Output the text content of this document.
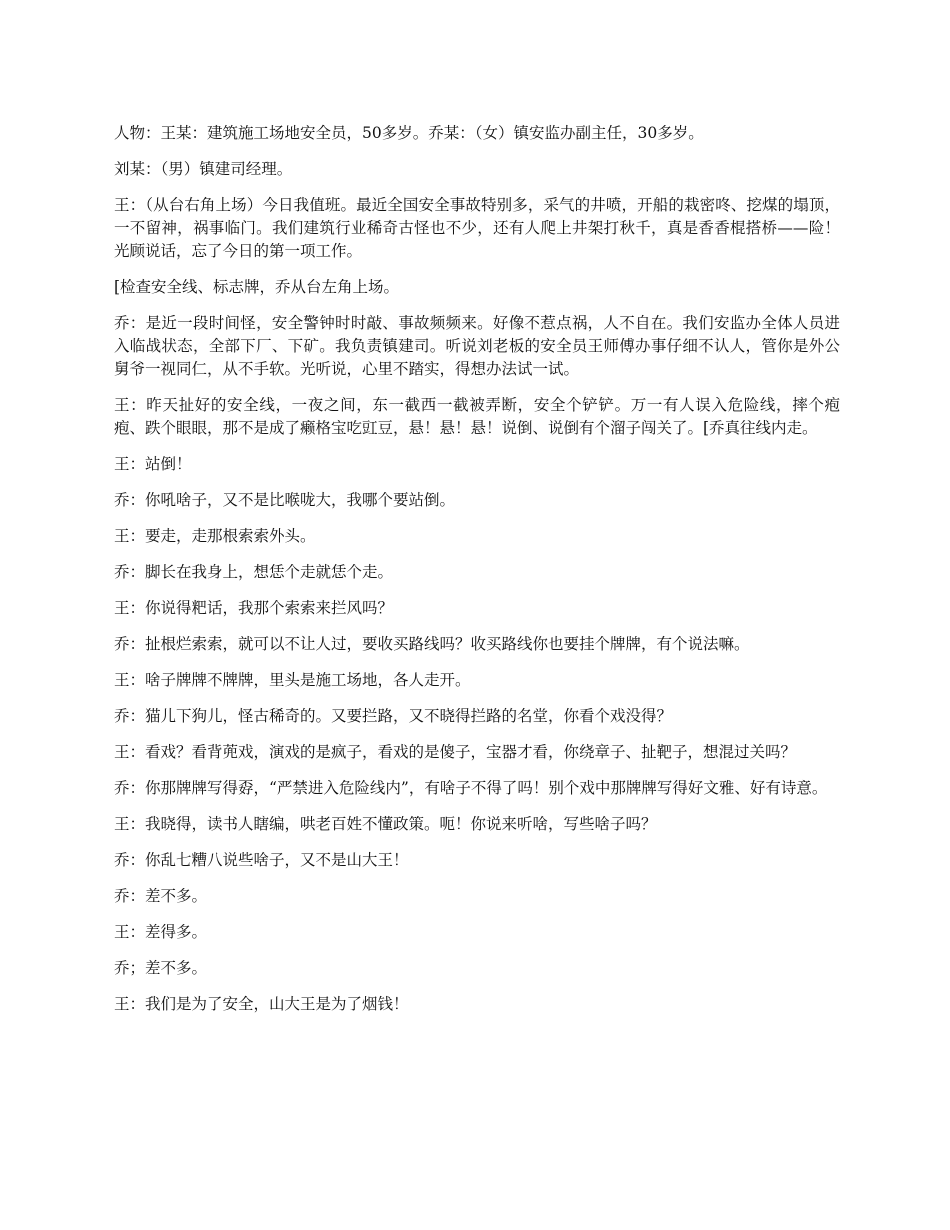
人物：王某：建筑施工场地安全员，50多岁。乔某：（女）镇安监办副主任，30多岁。

刘某：（男）镇建司经理。

王：（从台右角上场）今日我值班。最近全国安全事故特别多，采气的井喷，开船的栽密咚、挖煤的塌顶，一不留神，祸事临门。我们建筑行业稀奇古怪也不少，还有人爬上井架打秋千，真是香香棍搭桥——险！光顾说话，忘了今日的第一项工作。

[检查安全线、标志牌，乔从台左角上场。

乔：是近一段时间怪，安全警钟时时敲、事故频频来。好像不惹点祸，人不自在。我们安监办全体人员进入临战状态，全部下厂、下矿。我负责镇建司。听说刘老板的安全员王师傅办事仔细不认人，管你是外公舅爷一视同仁，从不手软。光听说，心里不踏实，得想办法试一试。

王：昨天扯好的安全线，一夜之间，东一截西一截被弄断，安全个铲铲。万一有人误入危险线，摔个疱疱、跌个眼眼，那不是成了癞格宝吃豇豆，悬！悬！悬！说倒、说倒有个溜子闯关了。[乔真往线内走。

王：站倒！

乔：你吼啥子，又不是比喉咙大，我哪个要站倒。

王：要走，走那根索索外头。

乔：脚长在我身上，想恁个走就恁个走。

王：你说得粑话，我那个索索来拦风吗？

乔：扯根烂索索，就可以不让人过，要收买路线吗？收买路线你也要挂个牌牌，有个说法嘛。

王：啥子牌牌不牌牌，里头是施工场地，各人走开。

乔：猫儿下狗儿，怪古稀奇的。又要拦路，又不晓得拦路的名堂，你看个戏没得？

王：看戏？看背蔸戏，演戏的是疯子，看戏的是傻子，宝器才看，你绕章子、扯靶子，想混过关吗？

乔：你那牌牌写得孬，“严禁进入危险线内”，有啥子不得了吗！别个戏中那牌牌写得好文雅、好有诗意。

王：我晓得，读书人瞎编，哄老百姓不懂政策。呃！你说来听啥，写些啥子吗？

乔：你乱七糟八说些啥子，又不是山大王！

乔：差不多。

王：差得多。

乔；差不多。

王：我们是为了安全，山大王是为了烟钱！
